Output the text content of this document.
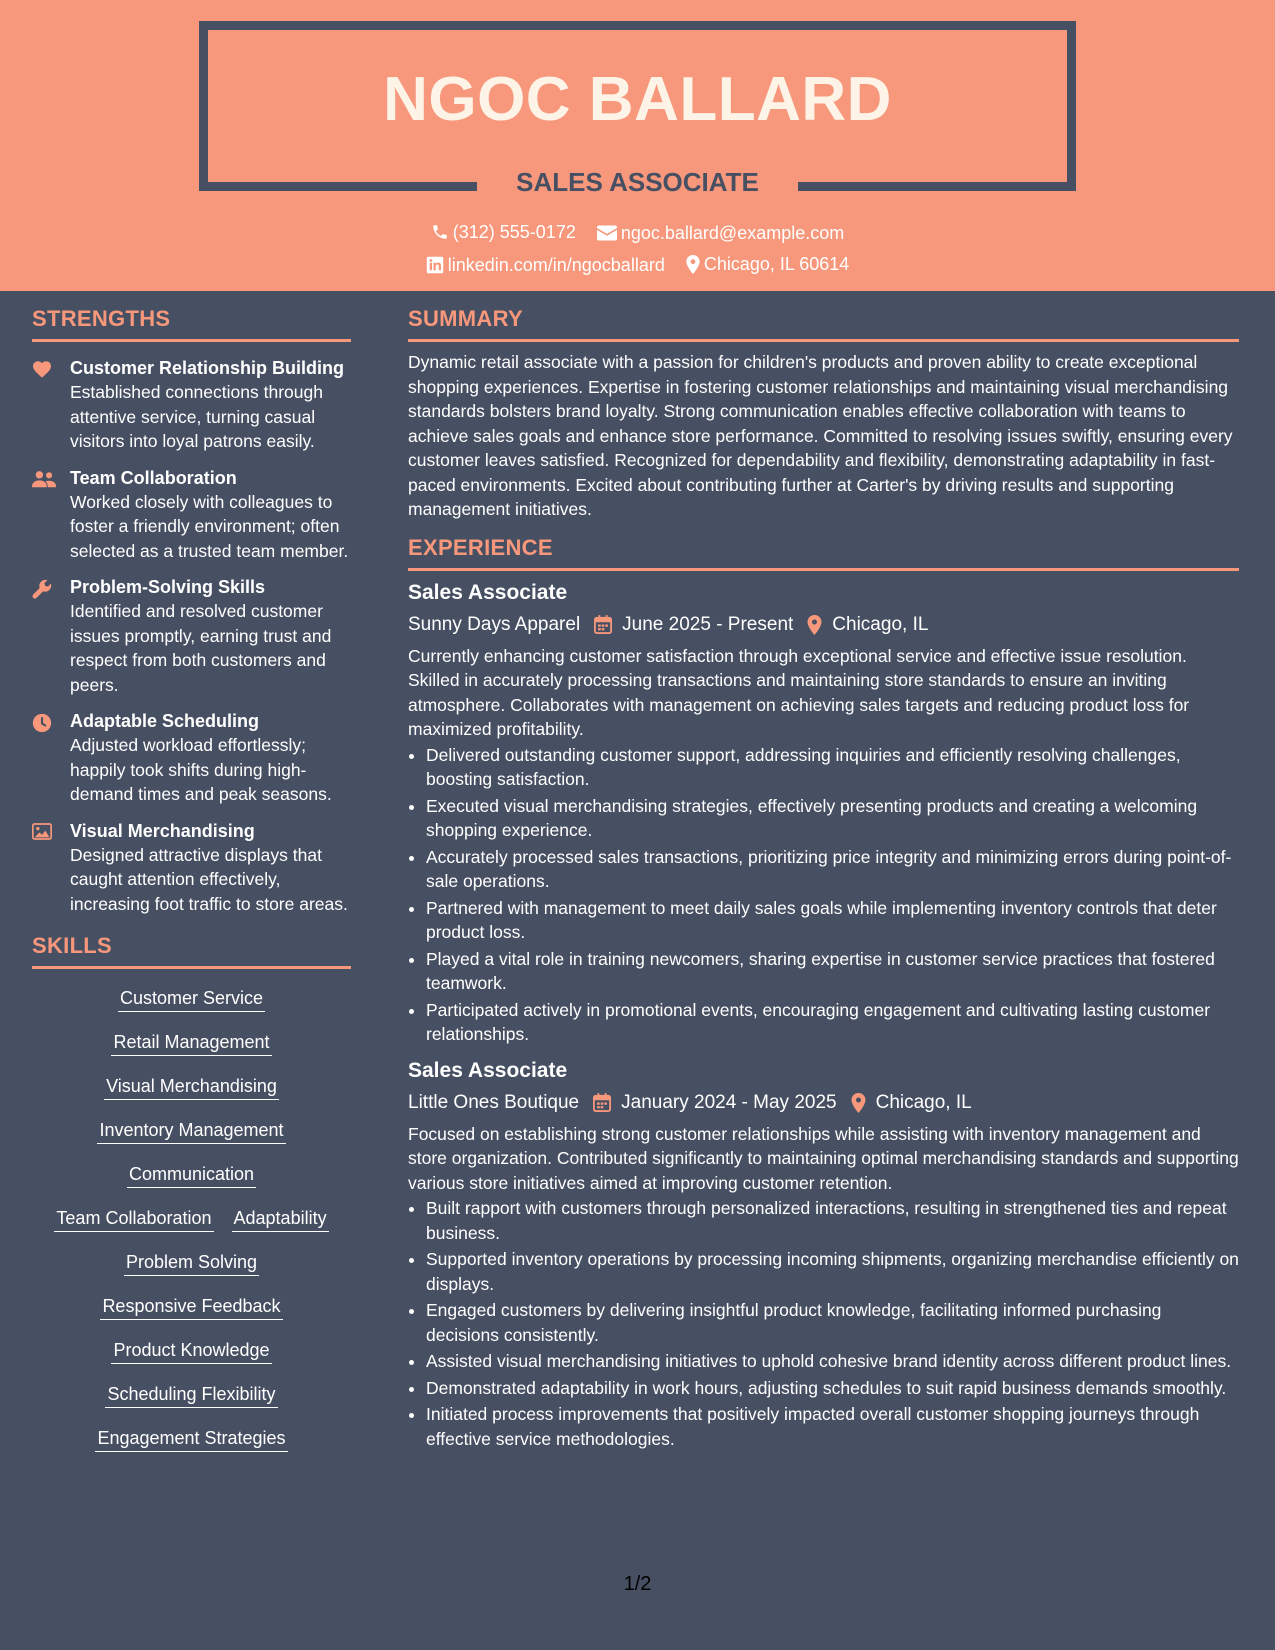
NGOC BALLARD
SALES ASSOCIATE
(312) 555-0172
	ngoc.ballard@example.com
linkedin.com/in/ngocballard
Chicago, IL 60614
STRENGTHS
Customer Relationship Building
Established connections through attentive service, turning casual visitors into loyal patrons easily.
Team Collaboration
Worked closely with colleagues to foster a friendly environment; often selected as a trusted team member.
Problem-Solving Skills
Identified and resolved customer issues promptly, earning trust and respect from both customers and peers.
Adaptable Scheduling
Adjusted workload effortlessly; happily took shifts during high-demand times and peak seasons.
Visual Merchandising
Designed attractive displays that caught attention effectively, increasing foot traffic to store areas.
SKILLS
Customer Service
Retail Management
Visual Merchandising
Inventory Management
Communication
Team Collaboration Adaptability
Problem Solving
Responsive Feedback
Product Knowledge
Scheduling Flexibility
Engagement Strategies
SUMMARY
Dynamic retail associate with a passion for children's products and proven ability to create exceptional shopping experiences. Expertise in fostering customer relationships and maintaining visual merchandising standards bolsters brand loyalty. Strong communication enables effective collaboration with teams to achieve sales goals and enhance store performance. Committed to resolving issues swiftly, ensuring every customer leaves satisfied. Recognized for dependability and flexibility, demonstrating adaptability in fast-paced environments. Excited about contributing further at Carter's by driving results and supporting management initiatives.
EXPERIENCE
Sales Associate
Sunny Days Apparel June 2025 - Present Chicago, IL
Currently enhancing customer satisfaction through exceptional service and effective issue resolution. Skilled in accurately processing transactions and maintaining store standards to ensure an inviting atmosphere. Collaborates with management on achieving sales targets and reducing product loss for maximized profitability.
• Delivered outstanding customer support, addressing inquiries and efficiently resolving challenges, boosting satisfaction.
• Executed visual merchandising strategies, effectively presenting products and creating a welcoming shopping experience.
• Accurately processed sales transactions, prioritizing price integrity and minimizing errors during point-of-sale operations.
• Partnered with management to meet daily sales goals while implementing inventory controls that deter product loss.
• Played a vital role in training newcomers, sharing expertise in customer service practices that fostered teamwork.
• Participated actively in promotional events, encouraging engagement and cultivating lasting customer relationships.
Sales Associate
Little Ones Boutique January 2024 - May 2025 Chicago, IL
Focused on establishing strong customer relationships while assisting with inventory management and store organization. Contributed significantly to maintaining optimal merchandising standards and supporting various store initiatives aimed at improving customer retention.
• Built rapport with customers through personalized interactions, resulting in strengthened ties and repeat business.
• Supported inventory operations by processing incoming shipments, organizing merchandise efficiently on displays.
• Engaged customers by delivering insightful product knowledge, facilitating informed purchasing decisions consistently.
• Assisted visual merchandising initiatives to uphold cohesive brand identity across different product lines.
• Demonstrated adaptability in work hours, adjusting schedules to suit rapid business demands smoothly.
• Initiated process improvements that positively impacted overall customer shopping journeys through effective service methodologies.
1/2
